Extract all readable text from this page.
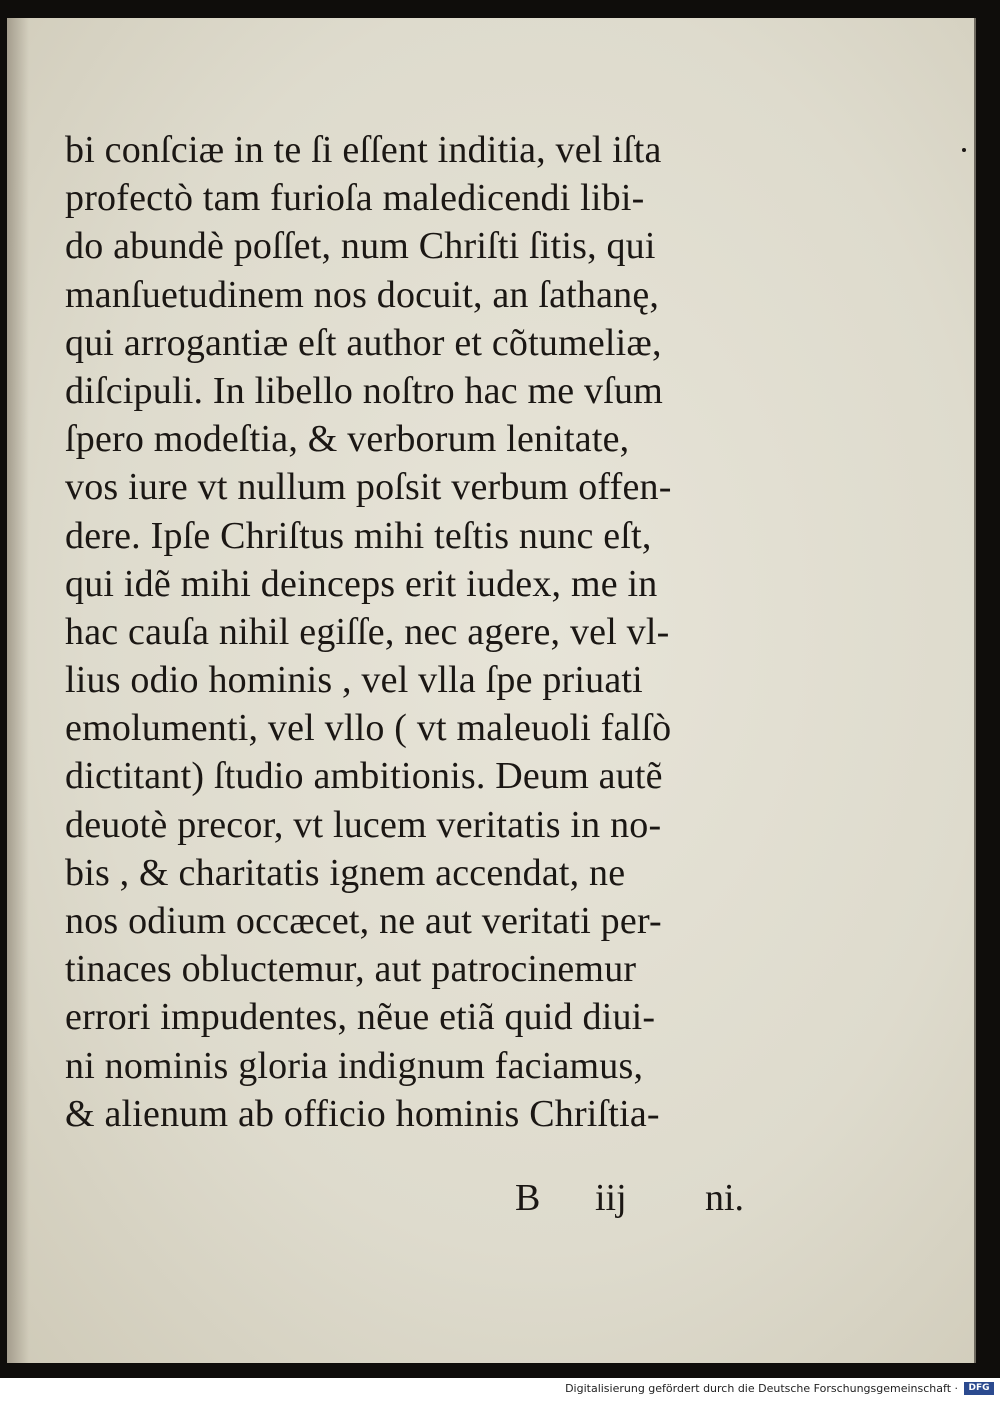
bi conſciæ in te ſi eſſent inditia, vel iſta
profectò tam furioſa maledicendi libi-
do abundè poſſet, num Chriſti ſitis, qui
manſuetudinem nos docuit, an ſathanę,
qui arrogantiæ eſt author et cõtumeliæ,
diſcipuli. In libello noſtro hac me vſum
ſpero modeſtia, & verborum lenitate,
vos iure vt nullum poſsit verbum offen-
dere. Ipſe Chriſtus mihi teſtis nunc eſt,
qui idẽ mihi deinceps erit iudex, me in
hac cauſa nihil egiſſe, nec agere, vel vl-
lius odio hominis , vel vlla ſpe priuati
emolumenti, vel vllo ( vt maleuoli falſò
dictitant) ſtudio ambitionis. Deum autẽ
deuotè precor, vt lucem veritatis in no-
bis , & charitatis ignem accendat, ne
nos odium occæcet, ne aut veritati per-
tinaces obluctemur, aut patrocinemur
errori impudentes, nẽue etiã quid diui-
ni nominis gloria indignum faciamus,
& alienum ab officio hominis Chriſtia-
B iij ni.
Digitalisierung gefördert durch die Deutsche Forschungsgemeinschaft ·	DFG
